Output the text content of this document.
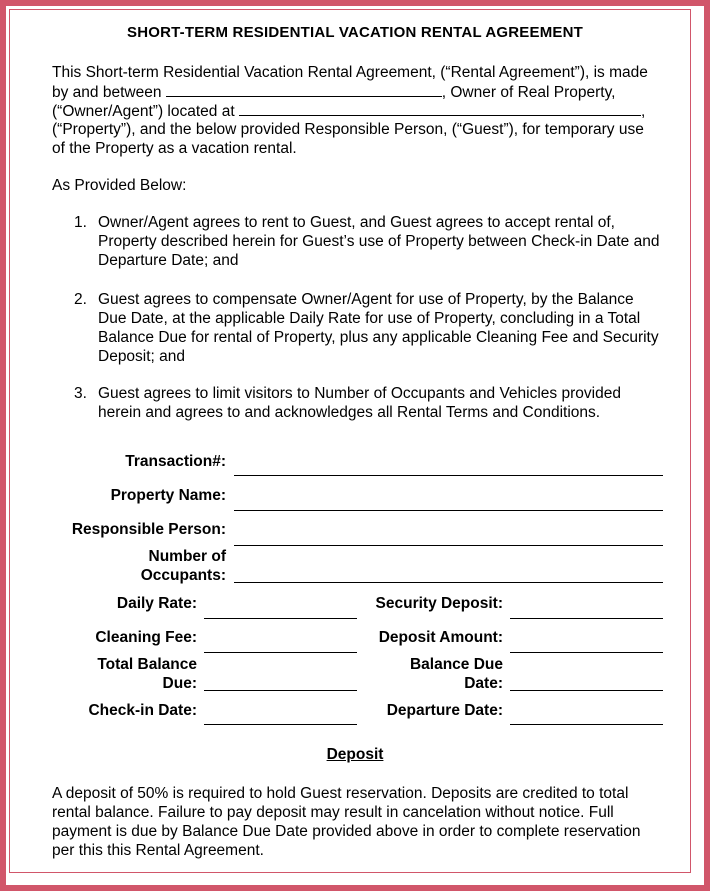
SHORT-TERM RESIDENTIAL VACATION RENTAL AGREEMENT
This Short-term Residential Vacation Rental Agreement, (“Rental Agreement”), is made
by and between	, Owner of Real Property,
(“Owner/Agent”) located at	,
(“Property”), and the below provided Responsible Person, (“Guest”), for temporary use
of the Property as a vacation rental.
As Provided Below:
1. Owner/Agent agrees to rent to Guest, and Guest agrees to accept rental of,
Property described herein for Guest’s use of Property between Check-in Date and
Departure Date; and
2. Guest agrees to compensate Owner/Agent for use of Property, by the Balance
Due Date, at the applicable Daily Rate for use of Property, concluding in a Total
Balance Due for rental of Property, plus any applicable Cleaning Fee and Security
Deposit; and
3. Guest agrees to limit visitors to Number of Occupants and Vehicles provided
herein and agrees to and acknowledges all Rental Terms and Conditions.
Transaction#:
Property Name:
Responsible Person:
Number of
Occupants:
Daily Rate:	Security Deposit:
Cleaning Fee:	Deposit Amount:
Total Balance
Due:
Balance Due
Date:
Check-in Date:	Departure Date:
Deposit
A deposit of 50% is required to hold Guest reservation. Deposits are credited to total
rental balance. Failure to pay deposit may result in cancelation without notice. Full
payment is due by Balance Due Date provided above in order to complete reservation
per this this Rental Agreement.
